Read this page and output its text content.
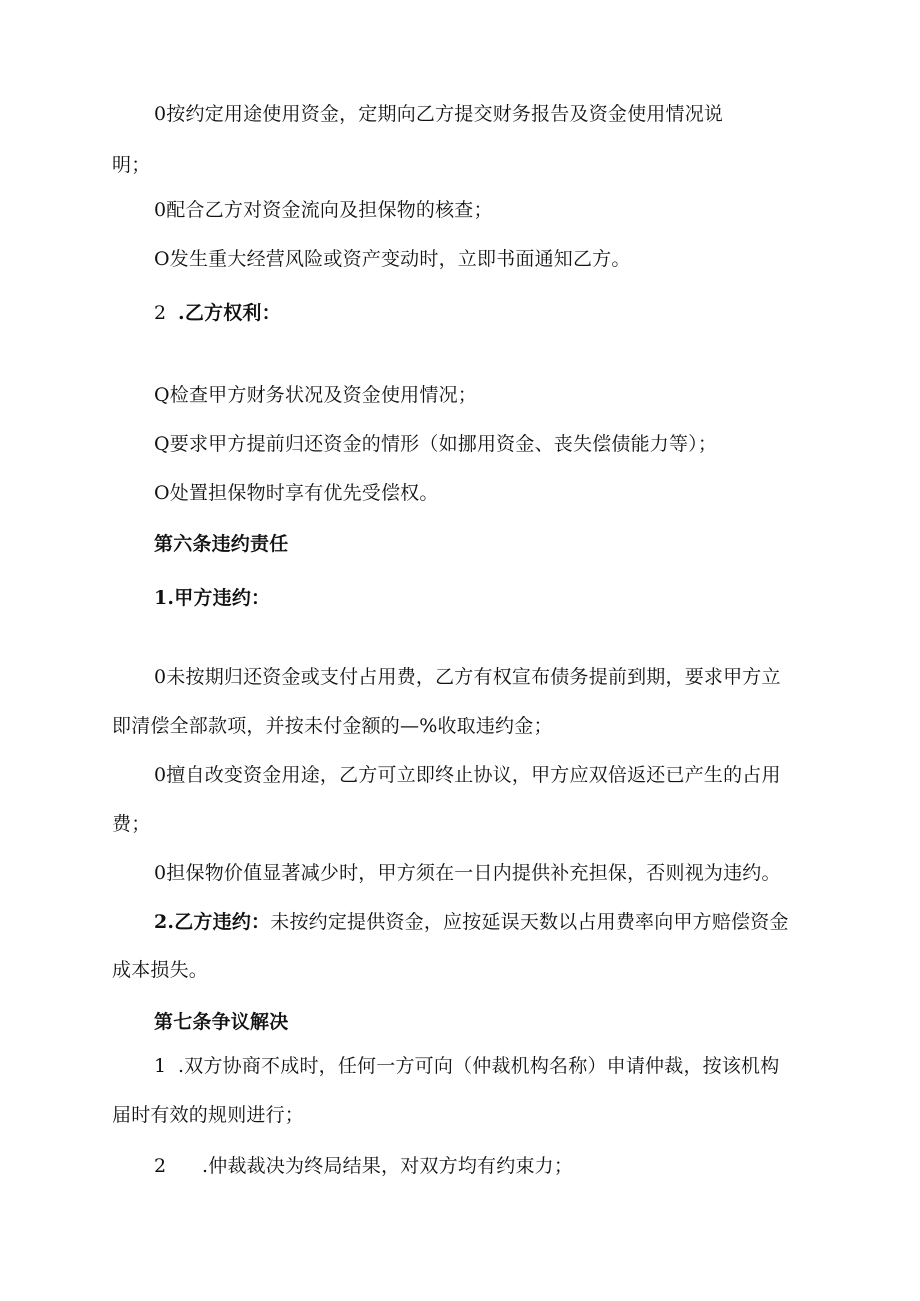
0按约定用途使用资金，定期向乙方提交财务报告及资金使用情况说
明；
0配合乙方对资金流向及担保物的核查；
O发生重大经营风险或资产变动时，立即书面通知乙方。
2 .乙方权利：
Q检查甲方财务状况及资金使用情况；
Q要求甲方提前归还资金的情形（如挪用资金、丧失偿债能力等）；
O处置担保物时享有优先受偿权。
第六条违约责任
1.甲方违约：
0未按期归还资金或支付占用费，乙方有权宣布债务提前到期，要求甲方立
即清偿全部款项，并按未付金额的—%收取违约金；
0擅自改变资金用途，乙方可立即终止协议，甲方应双倍返还已产生的占用
费；
0担保物价值显著减少时，甲方须在一日内提供补充担保，否则视为违约。
2.乙方违约：未按约定提供资金，应按延误天数以占用费率向甲方赔偿资金
成本损失。
第七条争议解决
1 .双方协商不成时，任何一方可向（仲裁机构名称）申请仲裁，按该机构
届时有效的规则进行；
2 .仲裁裁决为终局结果，对双方均有约束力；
